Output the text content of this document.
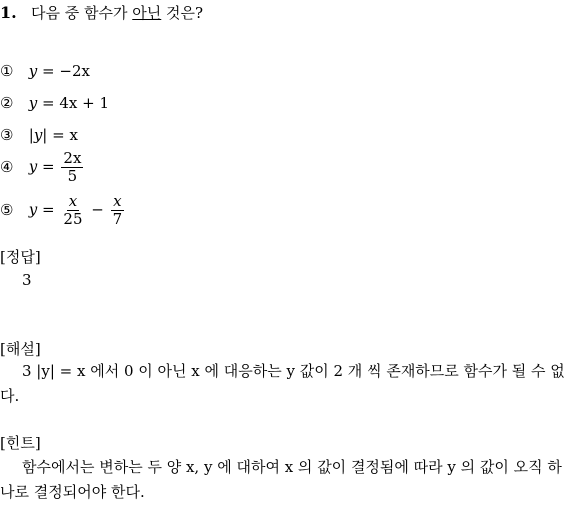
1. 다음 중 함수가 아닌 것은?
① y = −2x
② y = 4x + 1
③ |y| = x
④ $y = \frac{2x}{5}$
⑤ $y = \frac{x}{25} - \frac{x}{7}$
[정답]
3
[해설]
3 |y| = x 에서 0 이 아닌 x 에 대응하는 y 값이 2 개 씩 존재하므로 함수가 될 수 없다.
[힌트]
함수에서는 변하는 두 양 x, y 에 대하여 x 의 값이 결정됨에 따라 y 의 값이 오직 하나로 결정되어야 한다.
